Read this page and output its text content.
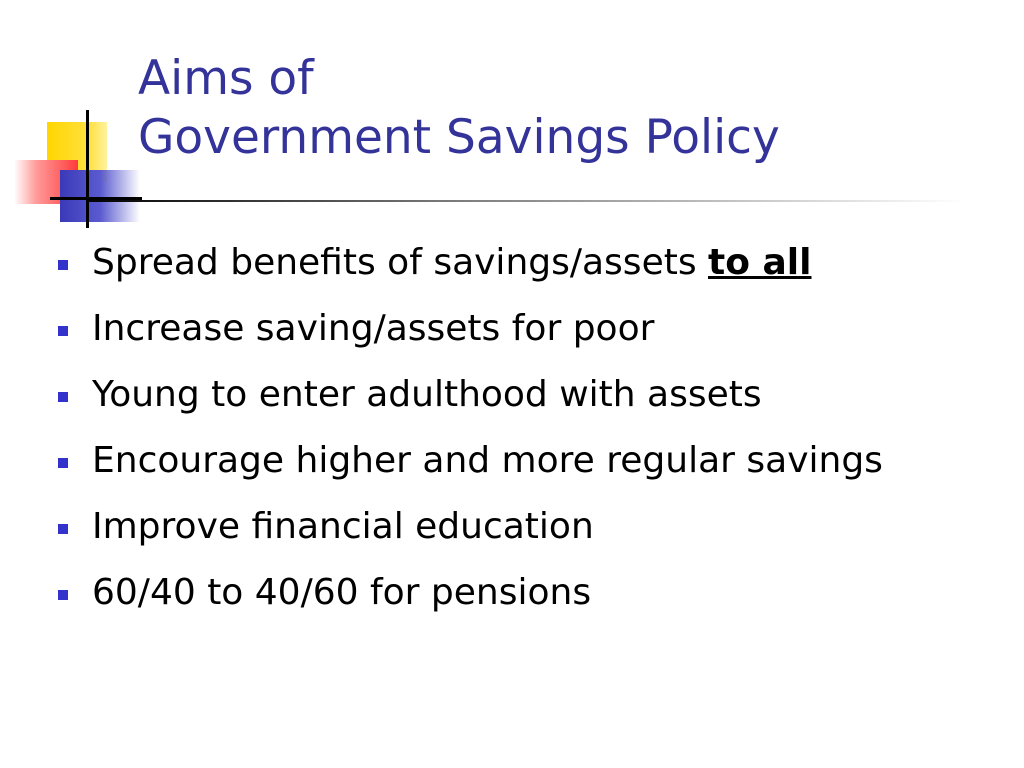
Aims of
Government Savings Policy
Spread benefits of savings/assets to all
Increase saving/assets for poor
Young to enter adulthood with assets
Encourage higher and more regular savings
Improve financial education
60/40 to 40/60 for pensions
